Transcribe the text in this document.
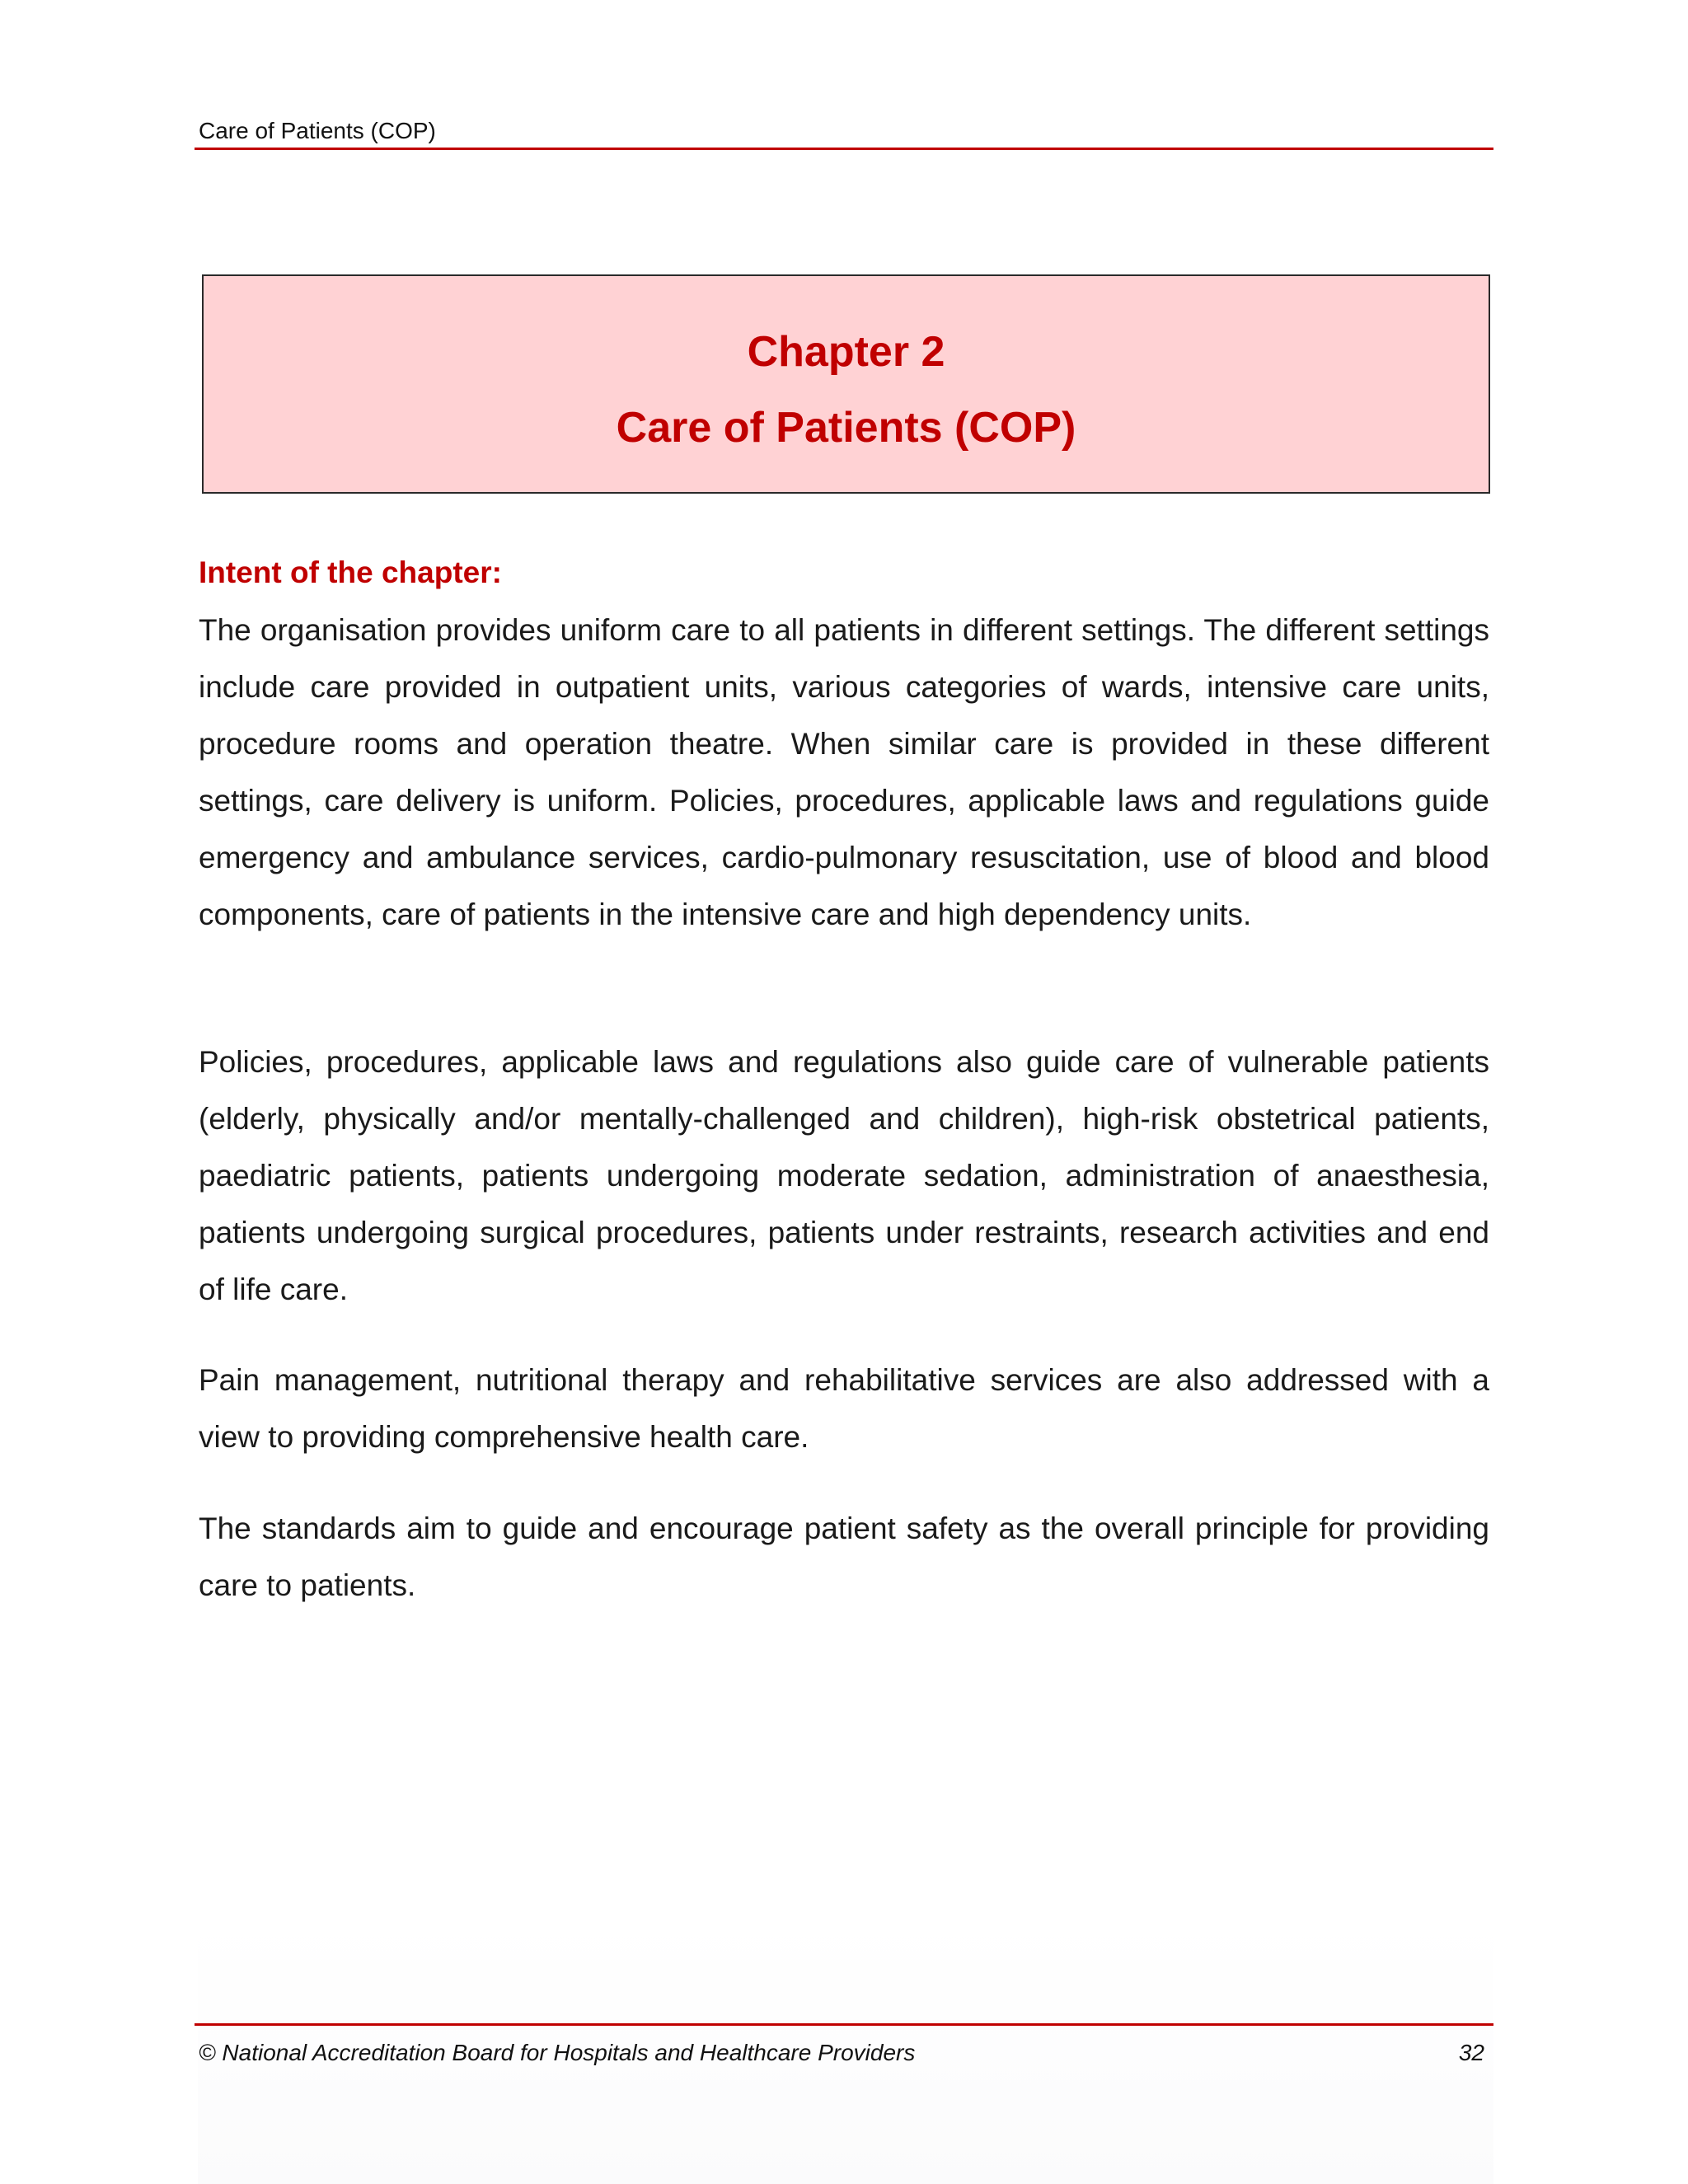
Care of Patients (COP)
Chapter 2
Care of Patients (COP)
Intent of the chapter:

The organisation provides uniform care to all patients in different settings. The different settings include care provided in outpatient units, various categories of wards, intensive care units, procedure rooms and operation theatre. When similar care is provided in these different settings, care delivery is uniform. Policies, procedures, applicable laws and regulations guide emergency and ambulance services, cardio-pulmonary resuscitation, use of blood and blood components, care of patients in the intensive care and high dependency units.

Policies, procedures, applicable laws and regulations also guide care of vulnerable patients (elderly, physically and/or mentally-challenged and children), high-risk obstetrical patients, paediatric patients, patients undergoing moderate sedation, administration of anaesthesia, patients undergoing surgical procedures, patients under restraints, research activities and end of life care.

Pain management, nutritional therapy and rehabilitative services are also addressed with a view to providing comprehensive health care.

The standards aim to guide and encourage patient safety as the overall principle for providing care to patients.

© National Accreditation Board for Hospitals and Healthcare Providers	32
